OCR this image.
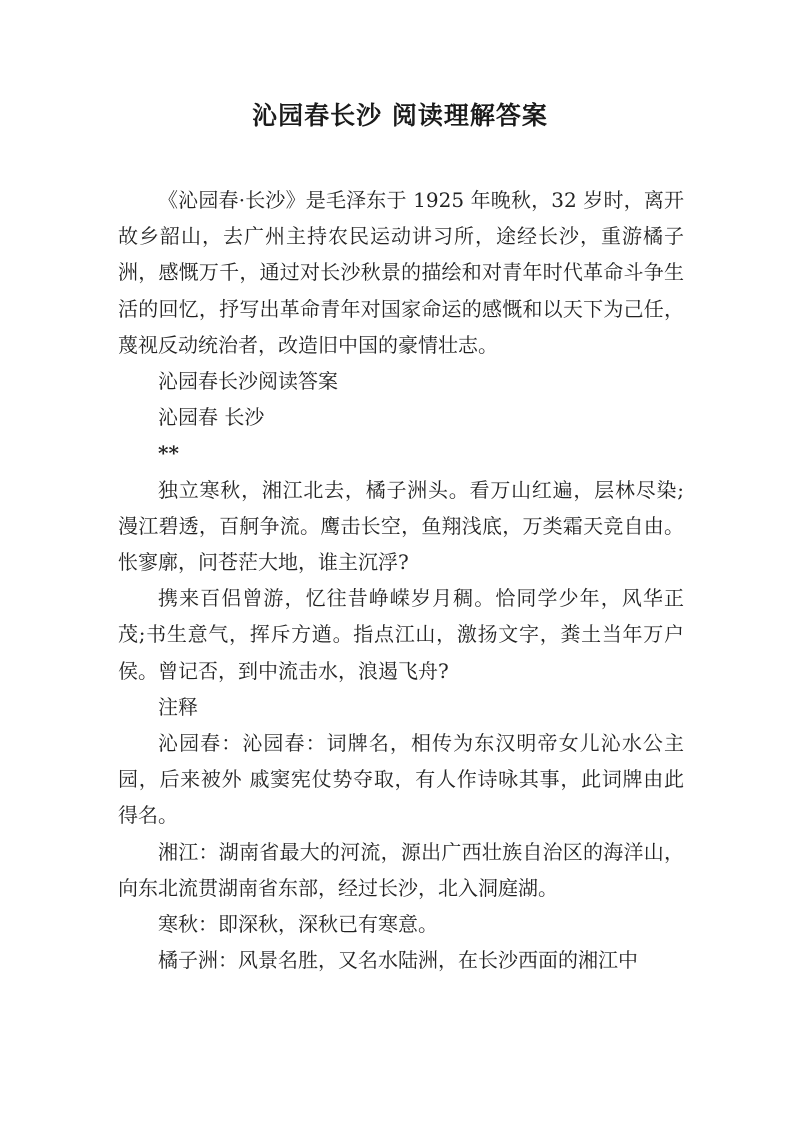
沁园春长沙 阅读理解答案

《沁园春·长沙》是毛泽东于 1925 年晚秋，32 岁时，离开故乡韶山，去广州主持农民运动讲习所，途经长沙，重游橘子洲，感慨万千，通过对长沙秋景的描绘和对青年时代革命斗争生活的回忆，抒写出革命青年对国家命运的感慨和以天下为己任，蔑视反动统治者，改造旧中国的豪情壮志。

沁园春长沙阅读答案

沁园春 长沙

**

独立寒秋，湘江北去，橘子洲头。看万山红遍，层林尽染;漫江碧透，百舸争流。鹰击长空，鱼翔浅底，万类霜天竞自由。怅寥廓，问苍茫大地，谁主沉浮?

携来百侣曾游，忆往昔峥嵘岁月稠。恰同学少年，风华正茂;书生意气，挥斥方遒。指点江山，激扬文字，粪土当年万户侯。曾记否，到中流击水，浪遏飞舟?

注释

沁园春：沁园春：词牌名，相传为东汉明帝女儿沁水公主园，后来被外 戚窦宪仗势夺取，有人作诗咏其事，此词牌由此得名。

湘江：湖南省最大的河流，源出广西壮族自治区的海洋山，向东北流贯湖南省东部，经过长沙，北入洞庭湖。

寒秋：即深秋，深秋已有寒意。

橘子洲：风景名胜，又名水陆洲，在长沙西面的湘江中
